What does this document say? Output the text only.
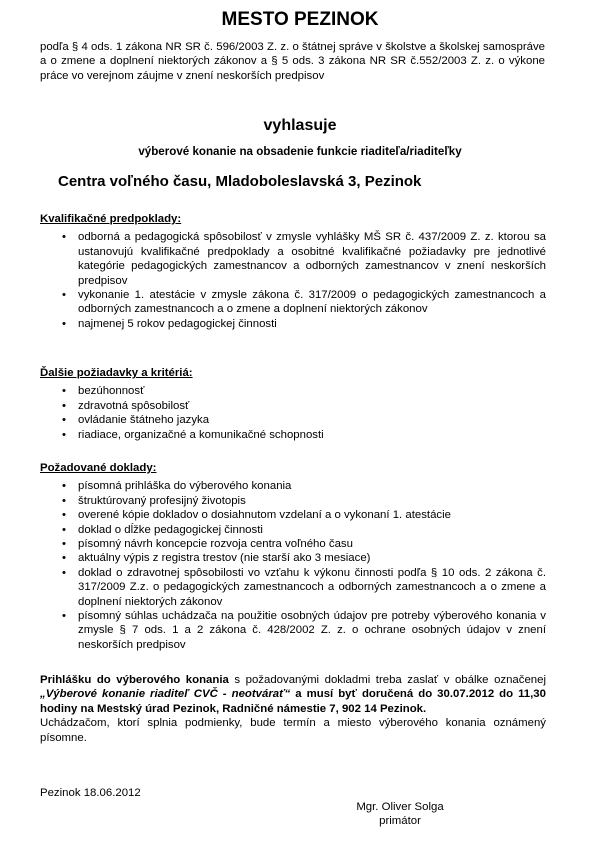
MESTO PEZINOK
podľa § 4 ods. 1 zákona NR SR č. 596/2003 Z. z. o štátnej správe v školstve a školskej samospráve a o zmene a doplnení niektorých zákonov a § 5 ods. 3 zákona NR SR č.552/2003 Z. z. o výkone práce vo verejnom záujme v znení neskorších predpisov
vyhlasuje
výberové konanie na obsadenie funkcie riaditeľa/riaditeľky
Centra voľného času, Mladoboleslavská 3, Pezinok
Kvalifikačné predpoklady:
• odborná a pedagogická spôsobilosť v zmysle vyhlášky MŠ SR č. 437/2009 Z. z. ktorou sa ustanovujú kvalifikačné predpoklady a osobitné kvalifikačné požiadavky pre jednotlivé kategórie pedagogických zamestnancov a odborných zamestnancov v znení neskorších predpisov
• vykonanie 1. atestácie v zmysle zákona č. 317/2009 o pedagogických zamestnancoch a odborných zamestnancoch a o zmene a doplnení niektorých zákonov
• najmenej 5 rokov pedagogickej činnosti
Ďalšie požiadavky a kritériá:
• bezúhonnosť
• zdravotná spôsobilosť
• ovládanie štátneho jazyka
• riadiace, organizačné a komunikačné schopnosti
Požadované doklady:
• písomná prihláška do výberového konania
• štruktúrovaný profesijný životopis
• overené kópie dokladov o dosiahnutom vzdelaní a o vykonaní 1. atestácie
• doklad o dĺžke pedagogickej činnosti
• písomný návrh koncepcie rozvoja centra voľného času
• aktuálny výpis z registra trestov (nie starší ako 3 mesiace)
• doklad o zdravotnej spôsobilosti vo vzťahu k výkonu činnosti podľa § 10 ods. 2 zákona č. 317/2009 Z.z. o pedagogických zamestnancoch a odborných zamestnancoch a o zmene a doplnení niektorých zákonov
• písomný súhlas uchádzača na použitie osobných údajov pre potreby výberového konania v zmysle § 7 ods. 1 a 2 zákona č. 428/2002 Z. z. o ochrane osobných údajov v znení neskorších predpisov
Prihlášku do výberového konania s požadovanými dokladmi treba zaslať v obálke označenej „Výberové konanie riaditeľ CVČ - neotvárať“ a musí byť doručená do 30.07.2012 do 11,30 hodiny na Mestský úrad Pezinok, Radničné námestie 7, 902 14 Pezinok.
Uchádzačom, ktorí splnia podmienky, bude termín a miesto výberového konania oznámený písomne.
Pezinok 18.06.2012
Mgr. Oliver Solga
primátor
